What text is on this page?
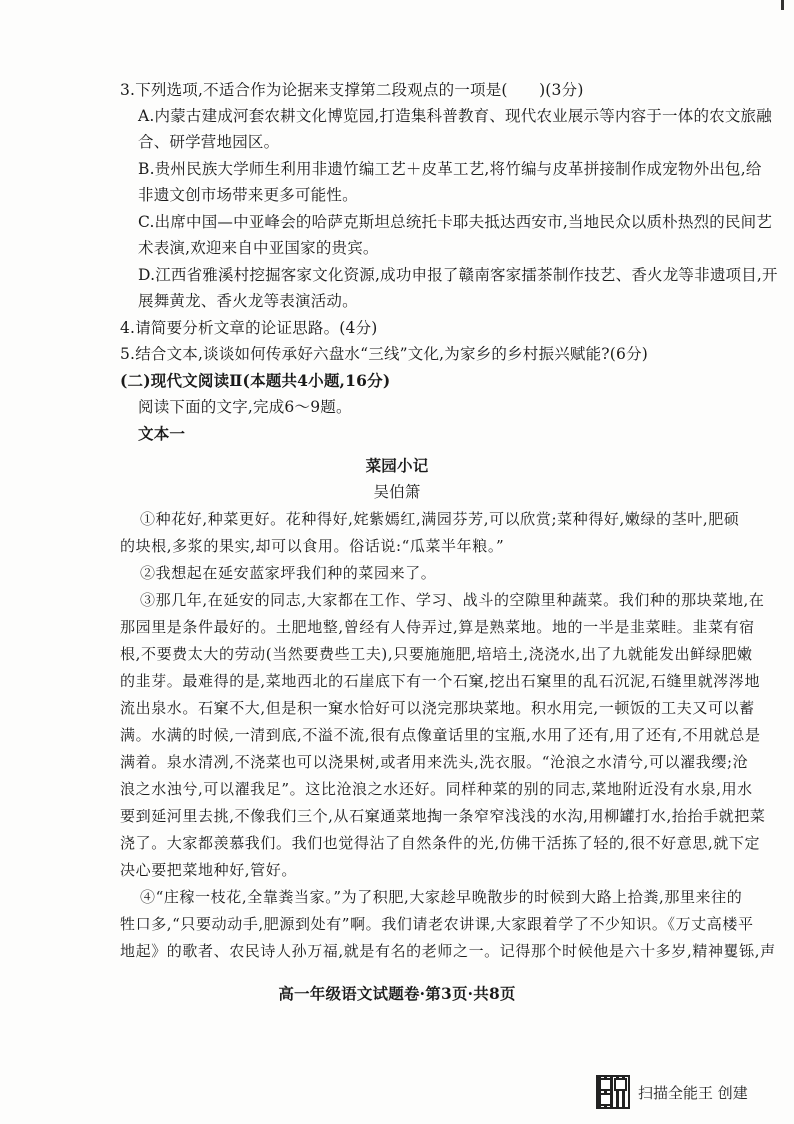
3.下列选项,不适合作为论据来支撑第二段观点的一项是(　　)(3分)
A.内蒙古建成河套农耕文化博览园,打造集科普教育、现代农业展示等内容于一体的农文旅融
合、研学营地园区。
B.贵州民族大学师生利用非遗竹编工艺＋皮革工艺,将竹编与皮革拼接制作成宠物外出包,给
非遗文创市场带来更多可能性。
C.出席中国—中亚峰会的哈萨克斯坦总统托卡耶夫抵达西安市,当地民众以质朴热烈的民间艺
术表演,欢迎来自中亚国家的贵宾。
D.江西省雅溪村挖掘客家文化资源,成功申报了赣南客家擂茶制作技艺、香火龙等非遗项目,开
展舞黄龙、香火龙等表演活动。
4.请简要分析文章的论证思路。(4分)
5.结合文本,谈谈如何传承好六盘水“三线”文化,为家乡的乡村振兴赋能?(6分)
(二)现代文阅读Ⅱ(本题共4小题,16分)
阅读下面的文字,完成6～9题。
文本一
菜园小记
吴伯箫
①种花好,种菜更好。花种得好,姹紫嫣红,满园芬芳,可以欣赏;菜种得好,嫩绿的茎叶,肥硕
的块根,多浆的果实,却可以食用。俗话说:“瓜菜半年粮。”
②我想起在延安蓝家坪我们种的菜园来了。
③那几年,在延安的同志,大家都在工作、学习、战斗的空隙里种蔬菜。我们种的那块菜地,在
那园里是条件最好的。土肥地整,曾经有人侍弄过,算是熟菜地。地的一半是韭菜畦。韭菜有宿
根,不要费太大的劳动(当然要费些工夫),只要施施肥,培培土,浇浇水,出了九就能发出鲜绿肥嫩
的韭芽。最难得的是,菜地西北的石崖底下有一个石窠,挖出石窠里的乱石沉泥,石缝里就涔涔地
流出泉水。石窠不大,但是积一窠水恰好可以浇完那块菜地。积水用完,一顿饭的工夫又可以蓄
满。水满的时候,一清到底,不溢不流,很有点像童话里的宝瓶,水用了还有,用了还有,不用就总是
满着。泉水清冽,不浇菜也可以浇果树,或者用来洗头,洗衣服。“沧浪之水清兮,可以濯我缨;沧
浪之水浊兮,可以濯我足”。这比沧浪之水还好。同样种菜的别的同志,菜地附近没有水泉,用水
要到延河里去挑,不像我们三个,从石窠通菜地掏一条窄窄浅浅的水沟,用柳罐打水,抬抬手就把菜
浇了。大家都羡慕我们。我们也觉得沾了自然条件的光,仿佛干活拣了轻的,很不好意思,就下定
决心要把菜地种好,管好。
④“庄稼一枝花,全靠粪当家。”为了积肥,大家趁早晚散步的时候到大路上拾粪,那里来往的
牲口多,“只要动动手,肥源到处有”啊。我们请老农讲课,大家跟着学了不少知识。《万丈高楼平
地起》的歌者、农民诗人孙万福,就是有名的老师之一。记得那个时候他是六十多岁,精神矍铄,声
高一年级语文试题卷·第3页·共8页
扫描全能王 创建
